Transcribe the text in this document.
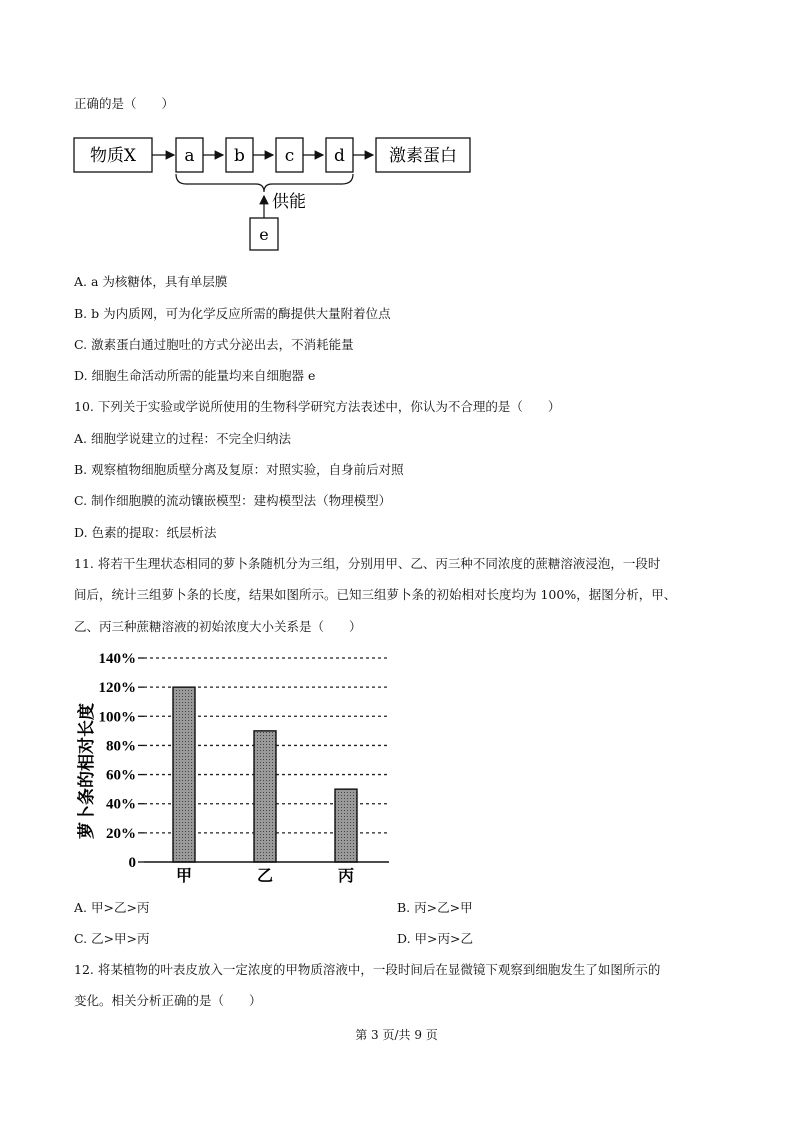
正确的是（　　）
物质X	a b c d	激素蛋白
供能
e
A. a 为核糖体，具有单层膜
B. b 为内质网，可为化学反应所需的酶提供大量附着位点
C. 激素蛋白通过胞吐的方式分泌出去，不消耗能量
D. 细胞生命活动所需的能量均来自细胞器 e
10. 下列关于实验或学说所使用的生物科学研究方法表述中，你认为不合理的是（　　）
A. 细胞学说建立的过程：不完全归纳法
B. 观察植物细胞质壁分离及复原：对照实验，自身前后对照
C. 制作细胞膜的流动镶嵌模型：建构模型法（物理模型）
D. 色素的提取：纸层析法
11. 将若干生理状态相同的萝卜条随机分为三组，分别用甲、乙、丙三种不同浓度的蔗糖溶液浸泡，一段时
间后，统计三组萝卜条的长度，结果如图所示。已知三组萝卜条的初始相对长度均为 100%，据图分析，甲、
乙、丙三种蔗糖溶液的初始浓度大小关系是（　　）
0
20%
40%
60%
80%
100%
120%
140%
甲	乙	丙
萝卜条的相对长度
A. 甲>乙>丙	B. 丙>乙>甲
C. 乙>甲>丙	D. 甲>丙>乙
12. 将某植物的叶表皮放入一定浓度的甲物质溶液中，一段时间后在显微镜下观察到细胞发生了如图所示的
变化。相关分析正确的是（　　）
第 3 页/共 9 页
